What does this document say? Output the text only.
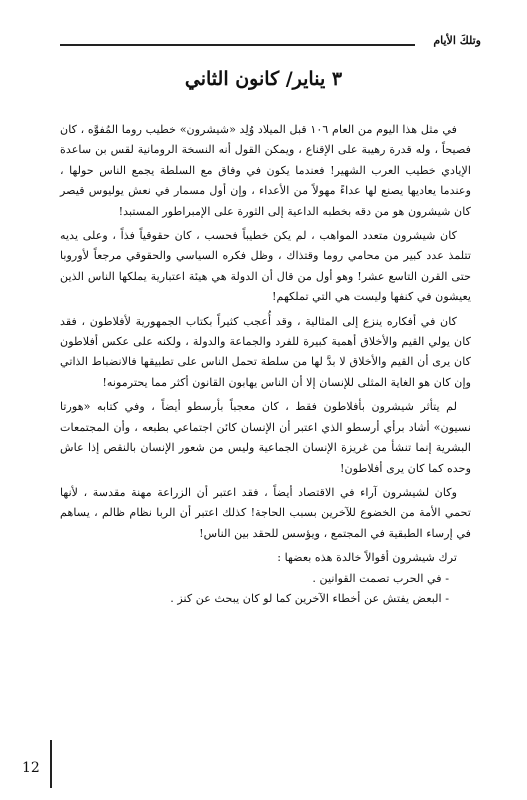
وتلكَ الأيام
٣ يناير/ كانون الثاني

في مثل هذا اليوم من العام ١٠٦ قبل الميلاد وُلِد «شيشرون» خطيب روما المُفوَّه ، كان فصيحاً ، وله قدرة رهيبة على الإقناع ، ويمكن القول أنه النسخة الرومانية لقس بن ساعدة الإيادي خطيب العرب الشهير! فعندما يكون في وفاق مع السلطة يجمع الناس حولها ، وعندما يعاديها يصنع لها عداءً مهولاً من الأعداء ، وإن أول مسمار في نعش يوليوس قيصر كان شيشرون هو من دقه بخطبه الداعية إلى الثورة على الإمبراطور المستبد!

كان شيشرون متعدد المواهب ، لم يكن خطيباً فحسب ، كان حقوقياً فذاً ، وعلى يديه تتلمذ عدد كبير من محامي روما وقتذاك ، وظل فكره السياسي والحقوقي مرجعاً لأوروبا حتى القرن التاسع عشر! وهو أول من قال أن الدولة هي هيئة اعتبارية يملكها الناس الذين يعيشون في كنفها وليست هي التي تملكهم!

كان في أفكاره ينزع إلى المثالية ، وقد أُعجب كثيراً بكتاب الجمهورية لأفلاطون ، فقد كان يولي القيم والأخلاق أهمية كبيرة للفرد والجماعة والدولة ، ولكنه على عكس أفلاطون كان يرى أن القيم والأخلاق لا بدَّ لها من سلطة تحمل الناس على تطبيقها فالانضباط الذاتي وإن كان هو الغاية المثلى للإنسان إلا أن الناس يهابون القانون أكثر مما يحترمونه!

لم يتأثر شيشرون بأفلاطون فقط ، كان معجباً بأرسطو أيضاً ، وفي كتابه «هورتا نسيون» أشاد برأي أرسطو الذي اعتبر أن الإنسان كائن اجتماعي بطبعه ، وأن المجتمعات البشرية إنما تنشأ من غريزة الإنسان الجماعية وليس من شعور الإنسان بالنقص إذا عاش وحده كما كان يرى أفلاطون!

وكان لشيشرون آراء في الاقتصاد أيضاً ، فقد اعتبر أن الزراعة مهنة مقدسة ، لأنها تحمي الأمة من الخضوع للآخرين بسبب الحاجة! كذلك اعتبر أن الربا نظام ظالم ، يساهم في إرساء الطبقية في المجتمع ، ويؤسس للحقد بين الناس!

ترك شيشرون أقوالاً خالدة هذه بعضها :

- في الحرب تصمت القوانين .
- البعض يفتش عن أخطاء الآخرين كما لو كان يبحث عن كنز .
12
